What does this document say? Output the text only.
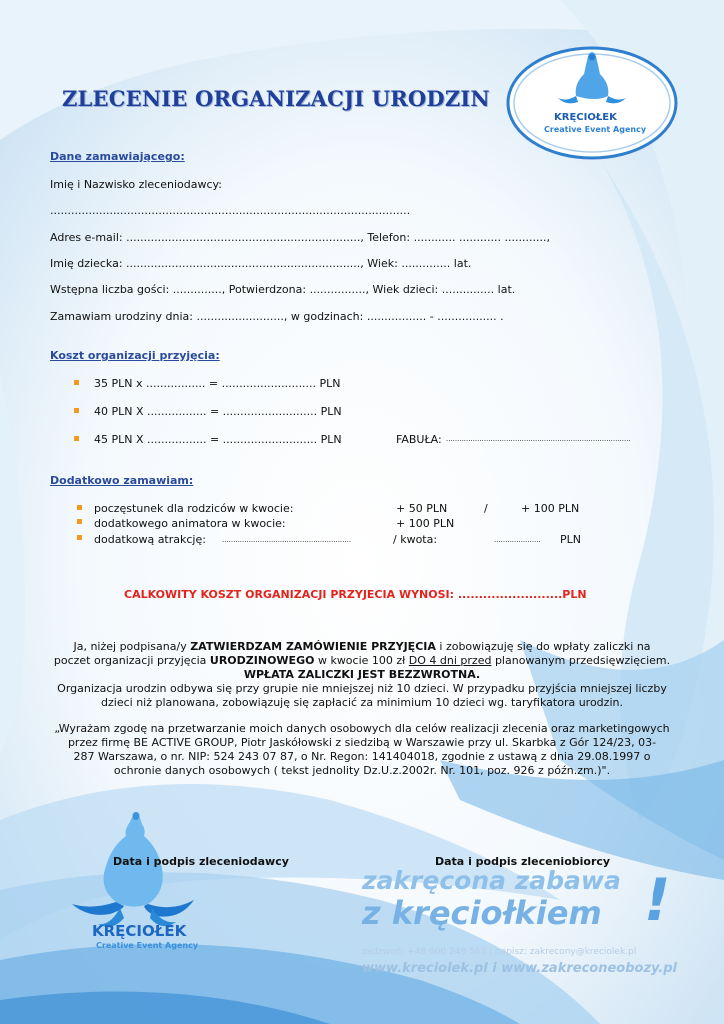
KRĘCIOŁEK
Creative Event Agency
ZLECENIE ORGANIZACJI URODZIN
Dane zamawiającego:
Imię i Nazwisko zleceniodawcy:
.......................................................................................................
Adres e-mail: ..................................................................., Telefon: ............ ............ ............,
Imię dziecka: ..................................................................., Wiek: .............. lat.
Wstępna liczba gości: .............., Potwierdzona: ................, Wiek dzieci: ............... lat.
Zamawiam urodziny dnia: ........................., w godzinach: ................. - ................. .
Koszt organizacji przyjęcia:
35 PLN x ................. = ........................... PLN
40 PLN X ................. = ........................... PLN
45 PLN X ................. = ........................... PLN	FABUŁA: ...................................................................................
Dodatkowo zamawiam:
poczęstunek dla rodziców w kwocie:	+ 50 PLN	/	+ 100 PLN
dodatkowego animatora w kwocie:	+ 100 PLN
dodatkową atrakcję: ..........................................................	/ kwota:	..................... PLN
CALKOWITY KOSZT ORGANIZACJI PRZYJECIA WYNOSI: .........................PLN
Ja, niżej podpisana/y ZATWIERDZAM ZAMÓWIENIE PRZYJĘCIA i zobowiązuję się do wpłaty zaliczki na
poczet organizacji przyjęcia URODZINOWEGO w kwocie 100 zł DO 4 dni przed planowanym przedsięwzięciem.
WPŁATA ZALICZKI JEST BEZZWROTNA.
Organizacja urodzin odbywa się przy grupie nie mniejszej niż 10 dzieci. W przypadku przyjścia mniejszej liczby
dzieci niż planowana, zobowiązuję się zapłacić za minimium 10 dzieci wg. taryfikatora urodzin.
„Wyrażam zgodę na przetwarzanie moich danych osobowych dla celów realizacji zlecenia oraz marketingowych
przez firmę BE ACTIVE GROUP, Piotr Jaskółowski z siedzibą w Warszawie przy ul. Skarbka z Gór 124/23, 03-
287 Warszawa, o nr. NIP: 524 243 07 87, o Nr. Regon: 141404018, zgodnie z ustawą z dnia 29.08.1997 o
ochronie danych osobowych ( tekst jednolity Dz.U.z.2002r. Nr. 101, poz. 926 z późn.zm.)".
KRĘCIOŁEK
Creative Event Agency
Data i podpis zleceniodawcy	Data i podpis zleceniobiorcy
zakręcona zabawa
z kręciołkiem !
zadzwoń: +48 600 249 563 | napisz: zakrecony@kreciolek.pl
www.kreciolek.pl i www.zakreconeobozy.pl
